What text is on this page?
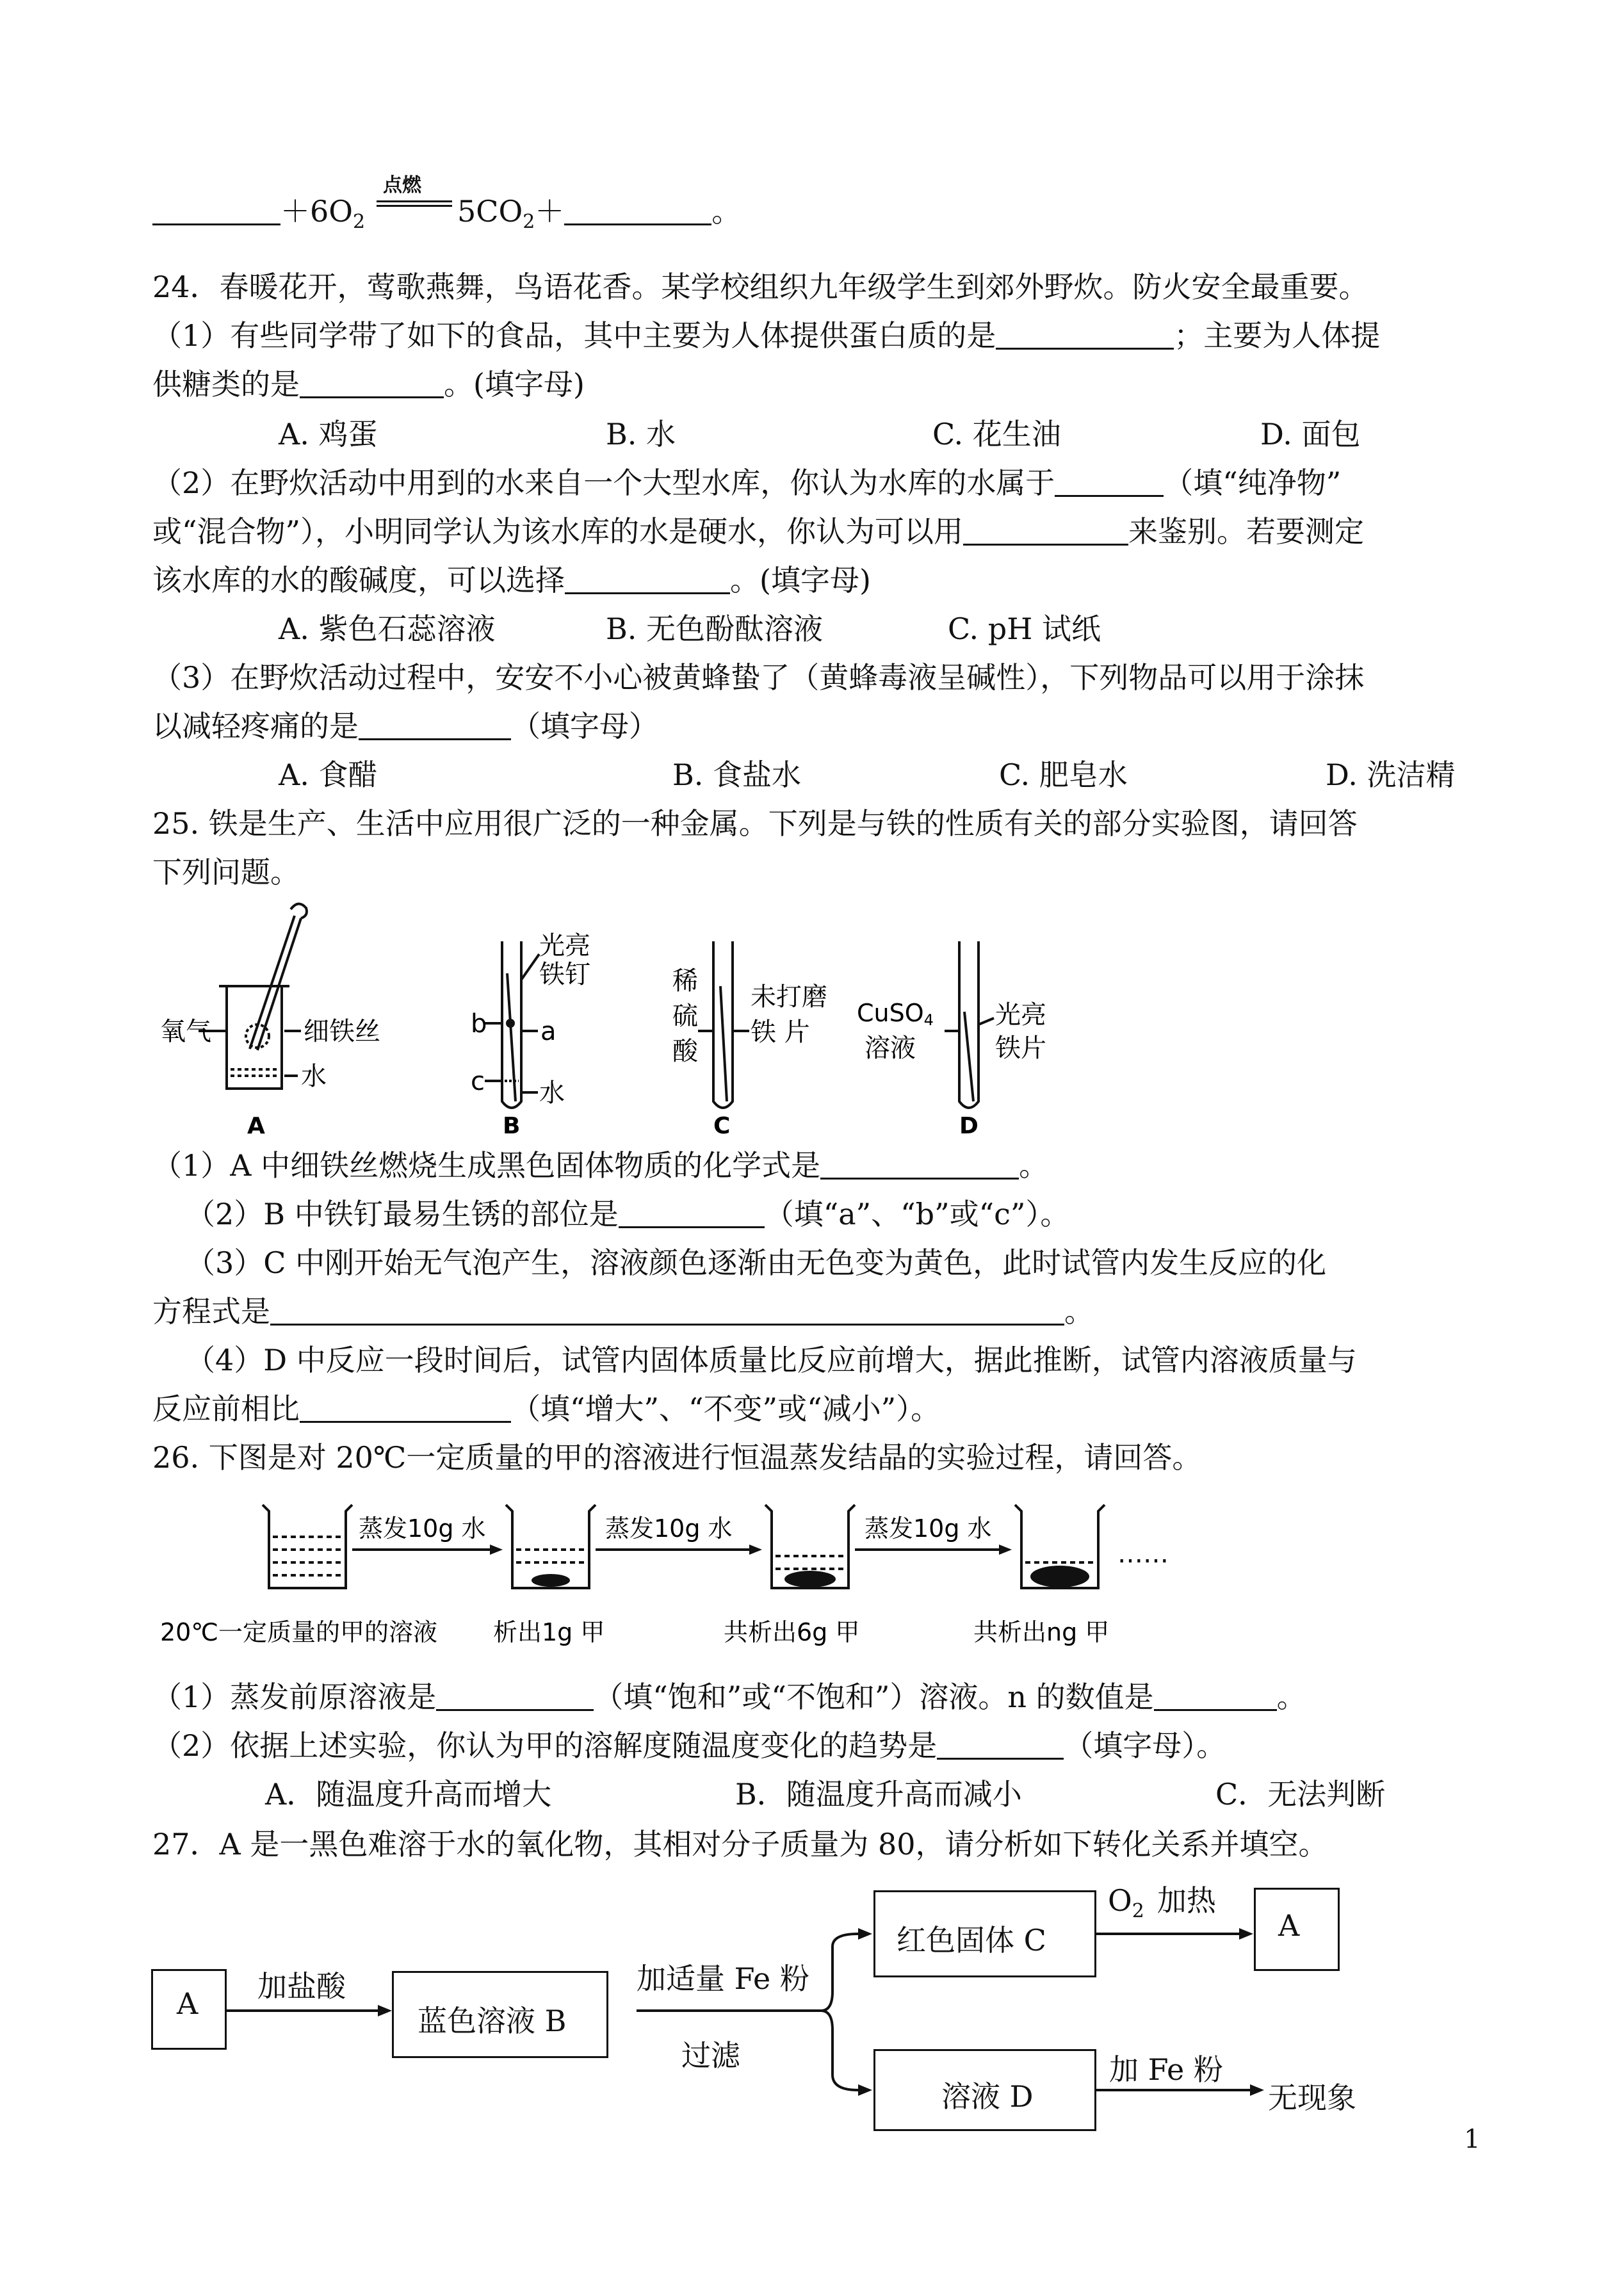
$+6O_2$
点燃
$5CO_2+$	。
24．春暖花开，莺歌燕舞，鸟语花香。某学校组织九年级学生到郊外野炊。防火安全最重要。
（1）有些同学带了如下的食品，其中主要为人体提供蛋白质的是	；主要为人体提
供糖类的是	。(填字母)
A. 鸡蛋	B. 水	C. 花生油	D. 面包
（2）在野炊活动中用到的水来自一个大型水库，你认为水库的水属于	（填“纯净物”
或“混合物”），小明同学认为该水库的水是硬水，你认为可以用	来鉴别。若要测定
该水库的水的酸碱度，可以选择	。(填字母)
A. 紫色石蕊溶液	B. 无色酚酞溶液	C. pH 试纸
（3）在野炊活动过程中，安安不小心被黄蜂蛰了（黄蜂毒液呈碱性），下列物品可以用于涂抹
以减轻疼痛的是	（填字母）
A. 食醋	B. 食盐水	C. 肥皂水	D. 洗洁精
25. 铁是生产、生活中应用很广泛的一种金属。下列是与铁的性质有关的部分实验图，请回答
下列问题。
氧气	细铁丝
水
A
光亮
铁钉
b a
c 水
B
稀
硫
酸
未打磨
铁 片
C
CuSO4
溶液
光亮
铁片
D
（1）A 中细铁丝燃烧生成黑色固体物质的化学式是	。
（2）B 中铁钉最易生锈的部位是	（填“a”、“b”或“c”）。
（3）C 中刚开始无气泡产生，溶液颜色逐渐由无色变为黄色，此时试管内发生反应的化
方程式是	。
（4）D 中反应一段时间后，试管内固体质量比反应前增大，据此推断，试管内溶液质量与
反应前相比	（填“增大”、“不变”或“减小”）。
26. 下图是对 20℃一定质量的甲的溶液进行恒温蒸发结晶的实验过程，请回答。
蒸发10g 水	蒸发10g 水	蒸发10g 水
……
20℃一定质量的甲的溶液 析出1g 甲	共析出6g 甲	共析出ng 甲
（1）蒸发前原溶液是	（填“饱和”或“不饱和”）溶液。n 的数值是	。
（2）依据上述实验，你认为甲的溶解度随温度变化的趋势是	（填字母）。
A．随温度升高而增大	B．随温度升高而减小	C．无法判断
27．A 是一黑色难溶于水的氧化物，其相对分子质量为 80，请分析如下转化关系并填空。
A 加盐酸
蓝色溶液 B
加适量 Fe 粉
过滤
红色固体 C
$O_2$ 加热
A
溶液 D
加 Fe 粉
无现象
1
